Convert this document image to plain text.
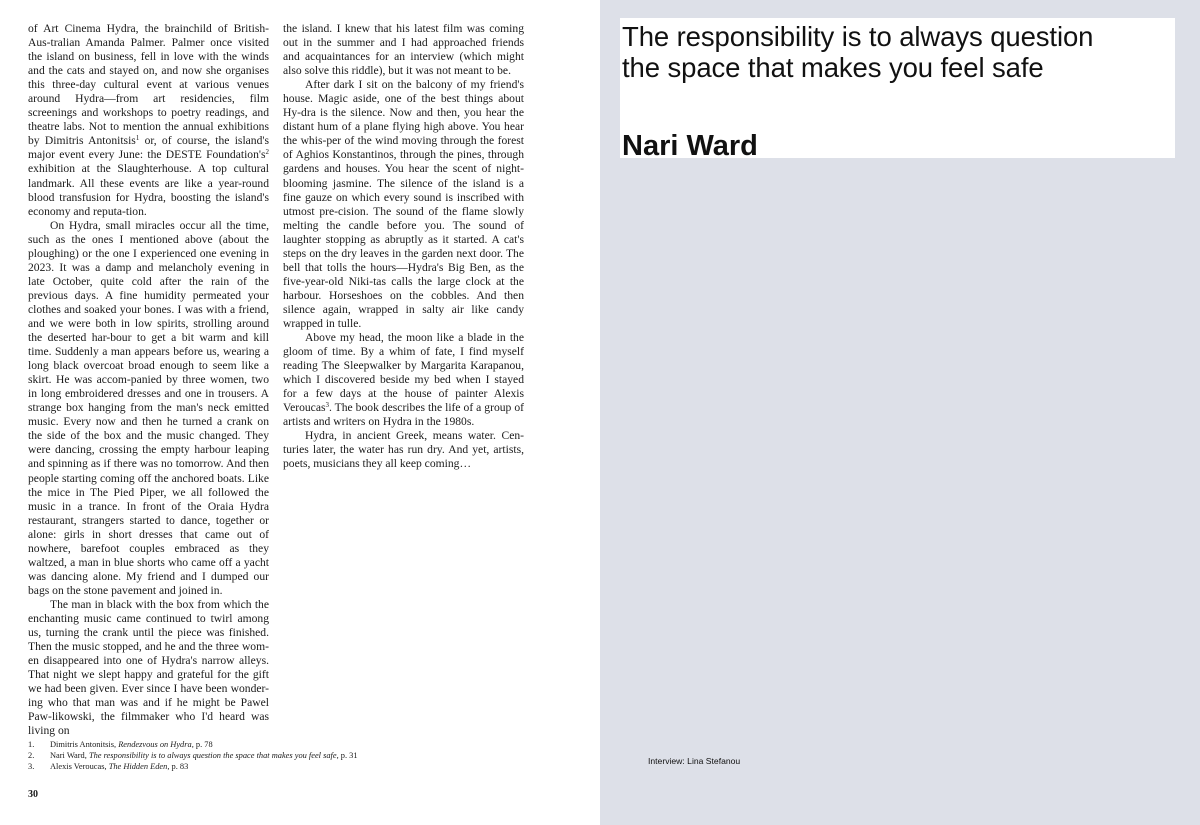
of Art Cinema Hydra, the brainchild of British-Aus-tralian Amanda Palmer. Palmer once visited the island on business, fell in love with the winds and the cats and stayed on, and now she organises this three-day cultural event at various venues around Hydra—from art residencies, film screenings and workshops to poetry readings, and theatre labs. Not to mention the annual exhibitions by Dimitris Antonitsis$^1$ or, of course, the island's major event every June: the DESTE $Foundation's^2$ exhibition at the Slaughterhouse. A top cultural landmark. All these events are like a year-round blood transfusion for Hydra, boosting the island's economy and reputa-tion.

On Hydra, small miracles occur all the time, such as the ones I mentioned above (about the ploughing) or the one I experienced one evening in 2023. It was a damp and melancholy evening in late October, quite cold after the rain of the previous days. A fine humidity permeated your clothes and soaked your bones. I was with a friend, and we were both in low spirits, strolling around the deserted har-bour to get a bit warm and kill time. Suddenly a man appears before us, wearing a long black overcoat broad enough to seem like a skirt. He was accom-panied by three women, two in long embroidered dresses and one in trousers. A strange box hanging from the man's neck emitted music. Every now and then he turned a crank on the side of the box and the music changed. They were dancing, crossing the empty harbour leaping and spinning as if there was no tomorrow. And then people starting coming off the anchored boats. Like the mice in The Pied Piper, we all followed the music in a trance. In front of the Oraia Hydra restaurant, strangers started to dance, together or alone: girls in short dresses that came out of nowhere, barefoot couples embraced as they waltzed, a man in blue shorts who came off a yacht was dancing alone. My friend and I dumped our bags on the stone pavement and joined in.

The man in black with the box from which the enchanting music came continued to twirl among us, turning the crank until the piece was finished. Then the music stopped, and he and the three wom-en disappeared into one of Hydra's narrow alleys. That night we slept happy and grateful for the gift we had been given. Ever since I have been wonder-ing who that man was and if he might be Pawel Paw-likowski, the filmmaker who I'd heard was living on

the island. I knew that his latest film was coming out in the summer and I had approached friends and acquaintances for an interview (which might also solve this riddle), but it was not meant to be.

After dark I sit on the balcony of my friend's house. Magic aside, one of the best things about Hy-dra is the silence. Now and then, you hear the distant hum of a plane flying high above. You hear the whis-per of the wind moving through the forest of Aghios Konstantinos, through the pines, through gardens and houses. You hear the scent of night-blooming jasmine. The silence of the island is a fine gauze on which every sound is inscribed with utmost pre-cision. The sound of the flame slowly melting the candle before you. The sound of laughter stopping as abruptly as it started. A cat's steps on the dry leaves in the garden next door. The bell that tolls the hours—Hydra's Big Ben, as the five-year-old Niki-tas calls the large clock at the harbour. Horseshoes on the cobbles. And then silence again, wrapped in salty air like candy wrapped in tulle.

Above my head, the moon like a blade in the gloom of time. By a whim of fate, I find myself reading The Sleepwalker by Margarita Karapanou, which I discovered beside my bed when I stayed for a few days at the house of painter Alexis Veroucas$^3$. The book describes the life of a group of artists and writers on Hydra in the 1980s.

Hydra, in ancient Greek, means water. Cen-turies later, the water has run dry. And yet, artists, poets, musicians they all keep coming…

1.	Dimitris Antonitsis, Rendezvous on Hydra, p. 78
2.	Nari Ward, The responsibility is to always question the space that makes you feel safe, p. 31
3.	Alexis Veroucas, The Hidden Eden, p. 83
30
The responsibility is to always question
the space that makes you feel safe
Nari Ward
Interview: Lina Stefanou
